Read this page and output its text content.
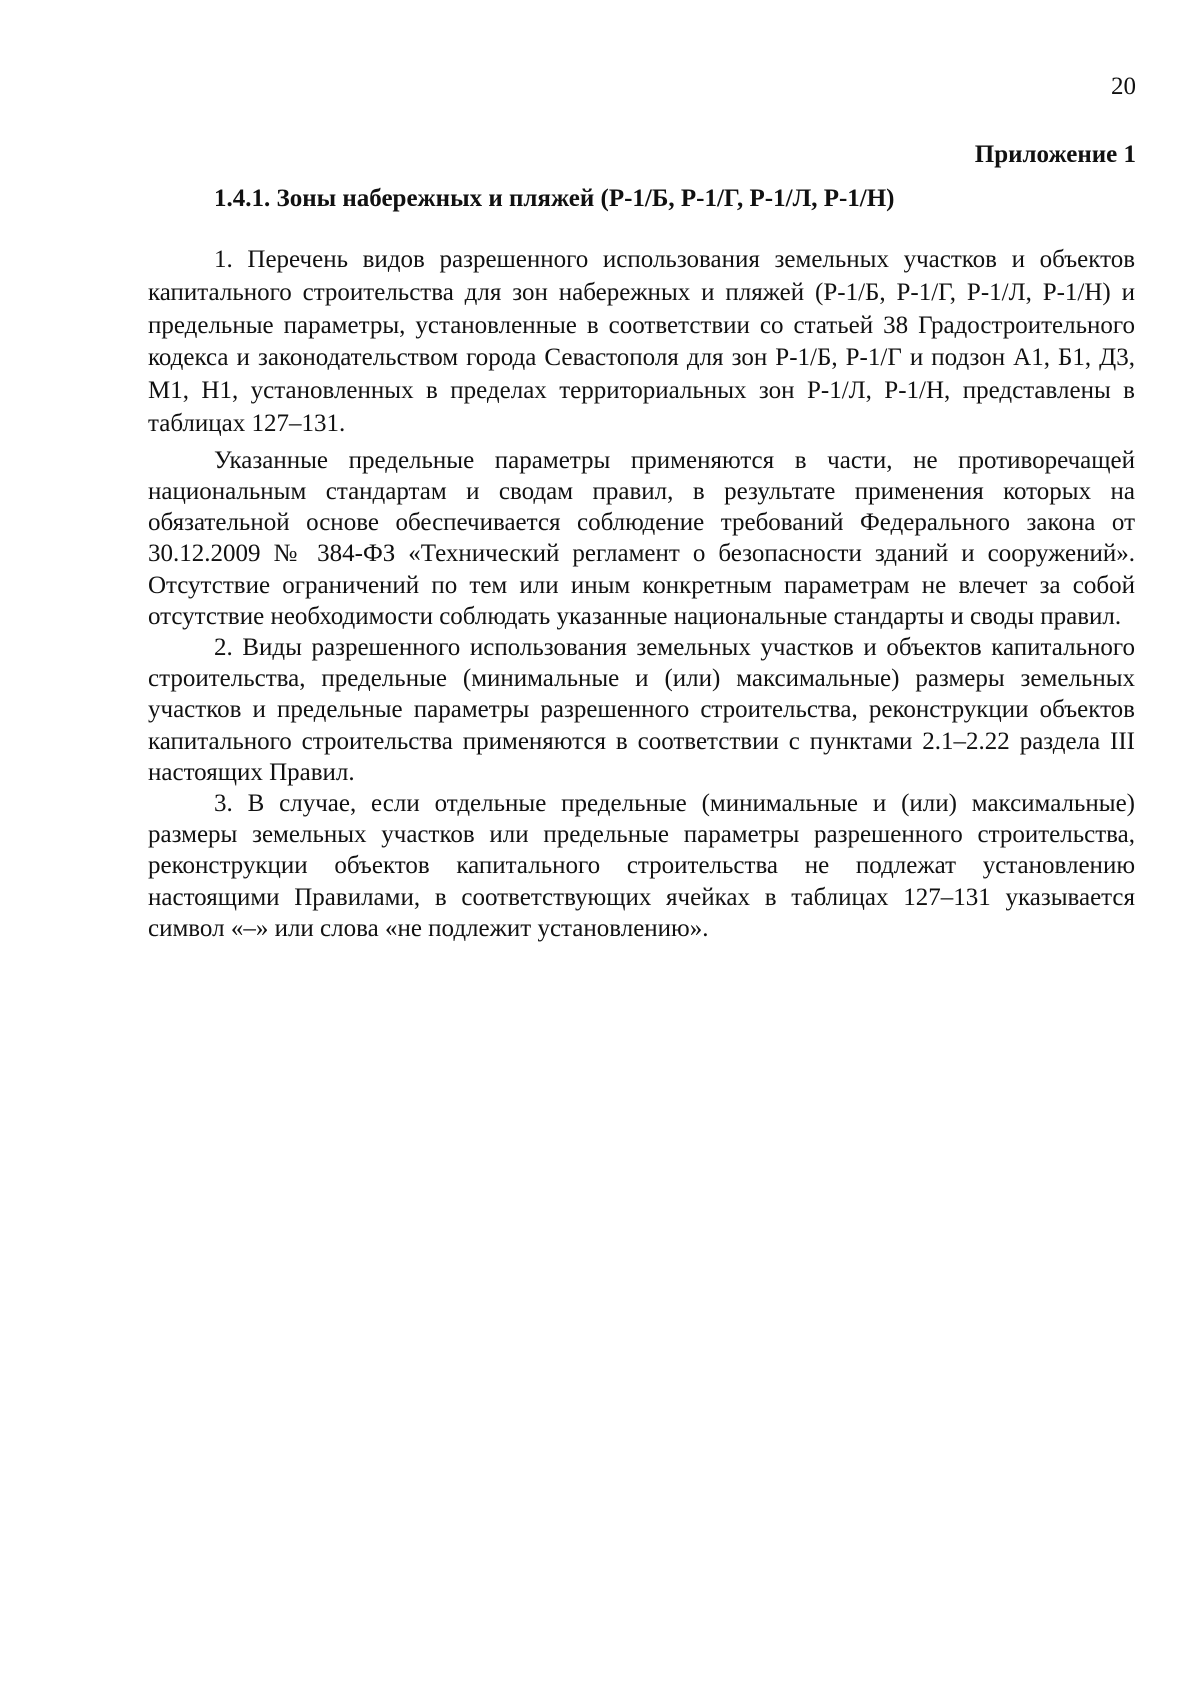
20
Приложение 1
1.4.1. Зоны набережных и пляжей (Р-1/Б, Р-1/Г, Р-1/Л, Р-1/Н)

1. Перечень видов разрешенного использования земельных участков и объектов капитального строительства для зон набережных и пляжей (Р-1/Б, Р-1/Г, Р-1/Л, Р-1/Н) и предельные параметры, установленные в соответствии со статьей 38 Градостроительного кодекса и законодательством города Севастополя для зон Р-1/Б, Р-1/Г и подзон А1, Б1, Д3, М1, Н1, установленных в пределах территориальных зон Р-1/Л, Р-1/Н, представлены в таблицах 127–131.

Указанные предельные параметры применяются в части, не противоречащей национальным стандартам и сводам правил, в результате применения которых на обязательной основе обеспечивается соблюдение требований Федерального закона от 30.12.2009 № 384-ФЗ «Технический регламент о безопасности зданий и сооружений». Отсутствие ограничений по тем или иным конкретным параметрам не влечет за собой отсутствие необходимости соблюдать указанные национальные стандарты и своды правил.

2. Виды разрешенного использования земельных участков и объектов капитального строительства, предельные (минимальные и (или) максимальные) размеры земельных участков и предельные параметры разрешенного строительства, реконструкции объектов капитального строительства применяются в соответствии с пунктами 2.1–2.22 раздела III настоящих Правил.

3. В случае, если отдельные предельные (минимальные и (или) максимальные) размеры земельных участков или предельные параметры разрешенного строительства, реконструкции объектов капитального строительства не подлежат установлению настоящими Правилами, в соответствующих ячейках в таблицах 127–131 указывается символ «–» или слова «не подлежит установлению».
